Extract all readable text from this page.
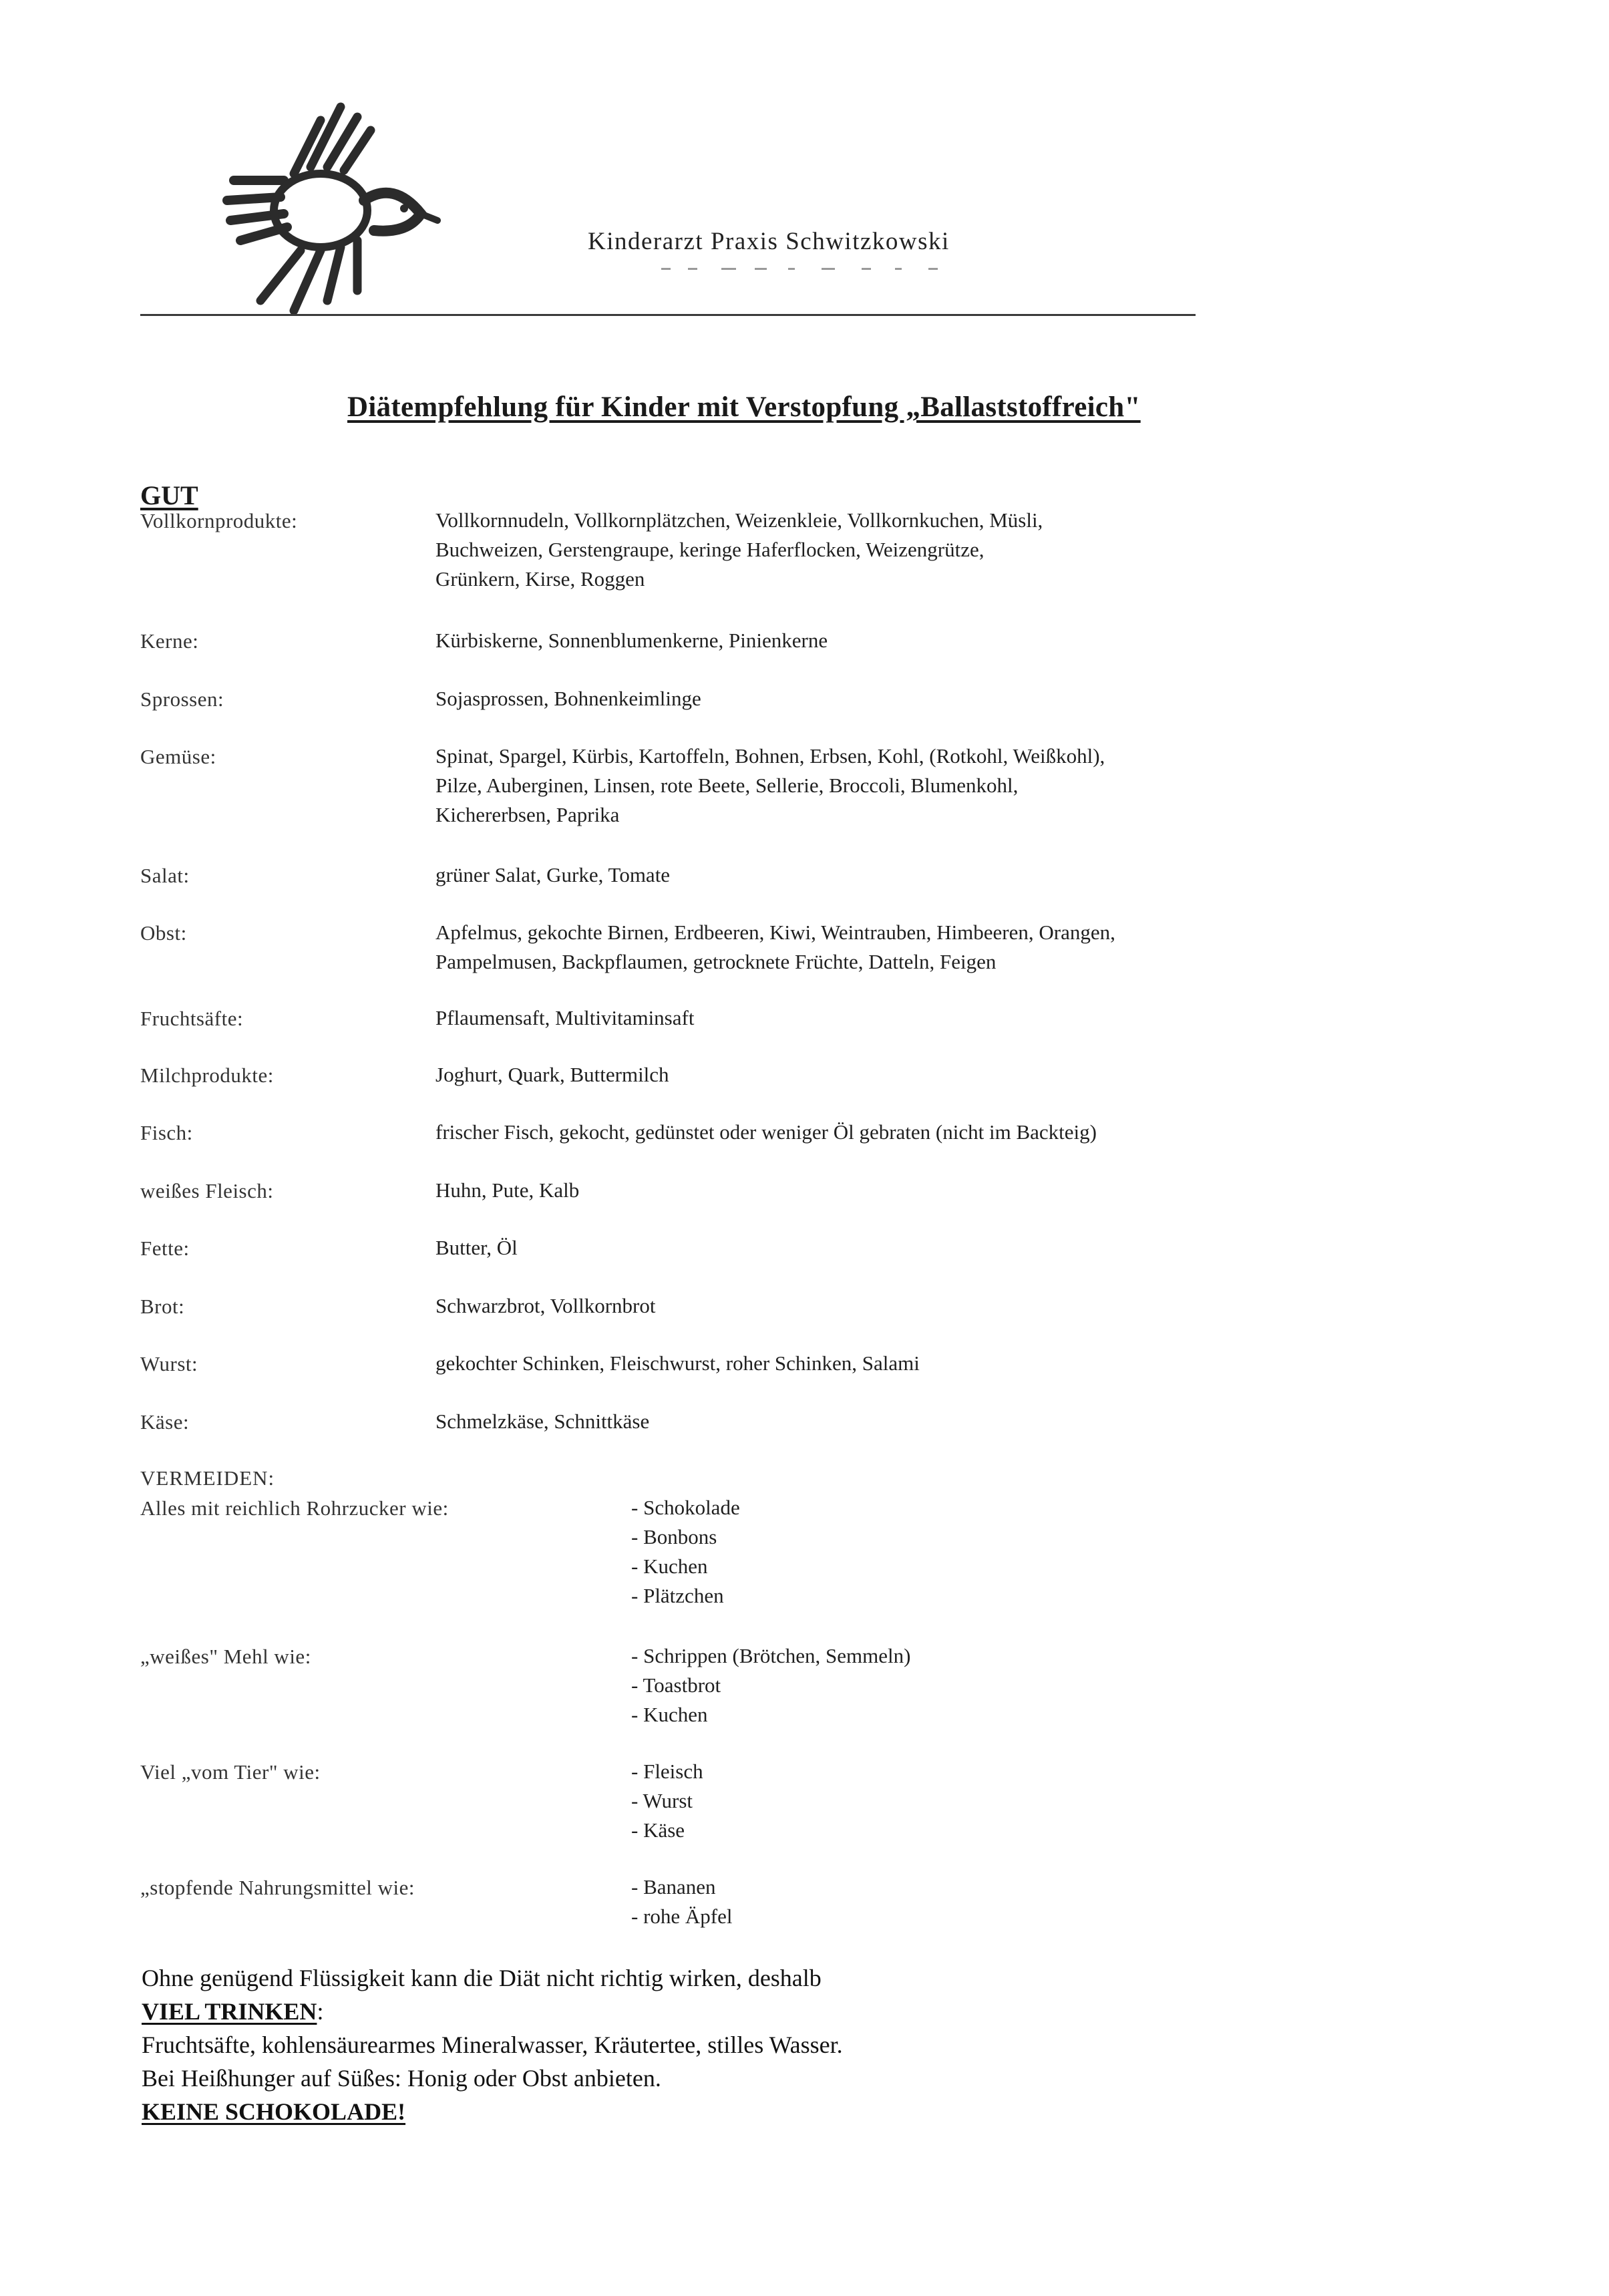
Kinderarzt Praxis Schwitzkowski
Diätempfehlung für Kinder mit Verstopfung „Ballaststoffreich"
GUT
Vollkornprodukte:	Vollkornnudeln, Vollkornplätzchen, Weizenkleie, Vollkornkuchen, Müsli,
Buchweizen, Gerstengraupe, keringe Haferflocken, Weizengrütze,
Grünkern, Kirse, Roggen
Kerne:	Kürbiskerne, Sonnenblumenkerne, Pinienkerne
Sprossen:	Sojasprossen, Bohnenkeimlinge
Gemüse:	Spinat, Spargel, Kürbis, Kartoffeln, Bohnen, Erbsen, Kohl, (Rotkohl, Weißkohl),
Pilze, Auberginen, Linsen, rote Beete, Sellerie, Broccoli, Blumenkohl,
Kichererbsen, Paprika
Salat:	grüner Salat, Gurke, Tomate
Obst:	Apfelmus, gekochte Birnen, Erdbeeren, Kiwi, Weintrauben, Himbeeren, Orangen,
Pampelmusen, Backpflaumen, getrocknete Früchte, Datteln, Feigen
Fruchtsäfte:	Pflaumensaft, Multivitaminsaft
Milchprodukte:	Joghurt, Quark, Buttermilch
Fisch:	frischer Fisch, gekocht, gedünstet oder weniger Öl gebraten (nicht im Backteig)
weißes Fleisch:	Huhn, Pute, Kalb
Fette:	Butter, Öl
Brot:	Schwarzbrot, Vollkornbrot
Wurst:	gekochter Schinken, Fleischwurst, roher Schinken, Salami
Käse:	Schmelzkäse, Schnittkäse
VERMEIDEN:
Alles mit reichlich Rohrzucker wie:	- Schokolade
- Bonbons
- Kuchen
- Plätzchen
„weißes" Mehl wie:	- Schrippen (Brötchen, Semmeln)
- Toastbrot
- Kuchen
Viel „vom Tier" wie:	- Fleisch
- Wurst
- Käse
„stopfende Nahrungsmittel wie:	- Bananen
- rohe Äpfel
Ohne genügend Flüssigkeit kann die Diät nicht richtig wirken, deshalb
VIEL TRINKEN:
Fruchtsäfte, kohlensäurearmes Mineralwasser, Kräutertee, stilles Wasser.
Bei Heißhunger auf Süßes: Honig oder Obst anbieten.
KEINE SCHOKOLADE!
